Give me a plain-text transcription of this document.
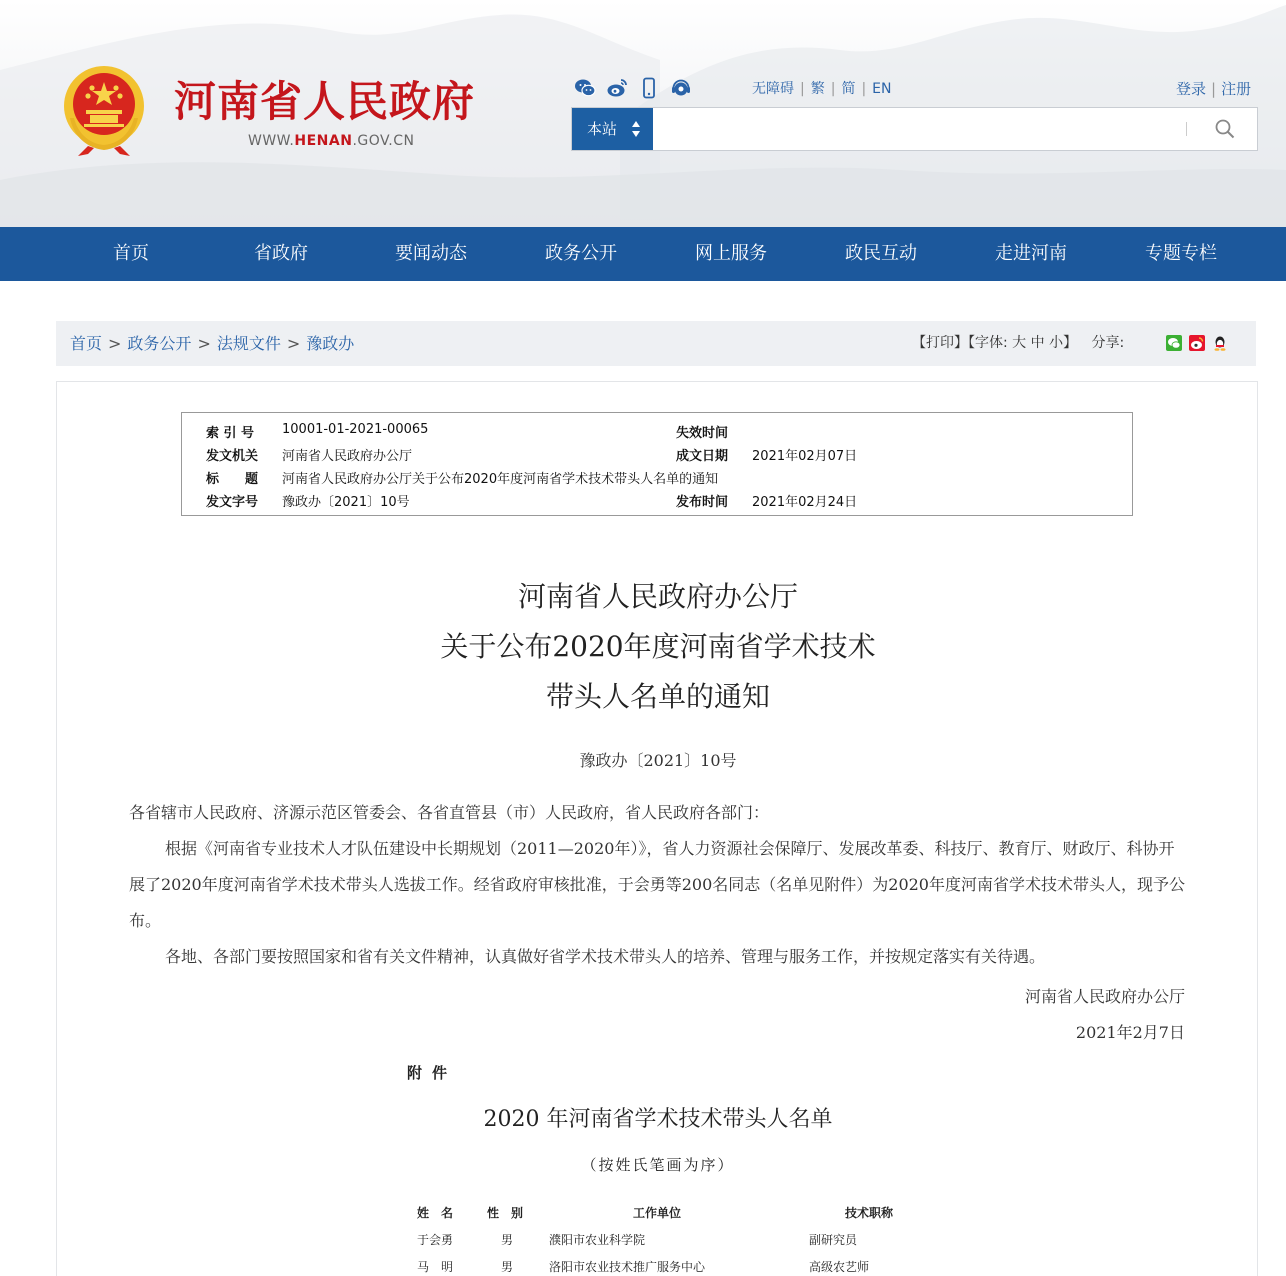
河南省人民政府
WWW.HENAN.GOV.CN
无障碍 | 繁 | 简 | EN	登录 | 注册
本站
首页	省政府	要闻动态	政务公开	网上服务	政民互动	走进河南	专题专栏
首页 > 政务公开 > 法规文件 > 豫政办	【打印】【字体: 大 中 小】 分享:
索 引 号 10001-01-2021-00065	失效时间
发文机关 河南省人民政府办公厅	成文日期 2021年02月07日
标　　题 河南省人民政府办公厅关于公布2020年度河南省学术技术带头人名单的通知
发文字号 豫政办〔2021〕10号	发布时间 2021年02月24日
河南省人民政府办公厅
关于公布2020年度河南省学术技术
带头人名单的通知
豫政办〔2021〕10号
各省辖市人民政府、济源示范区管委会、各省直管县（市）人民政府，省人民政府各部门：
根据《河南省专业技术人才队伍建设中长期规划（2011—2020年）》，省人力资源社会保障厅、发展改革委、科技厅、教育厅、财政厅、科协开展了2020年度河南省学术技术带头人选拔工作。经省政府审核批准，于会勇等200名同志（名单见附件）为2020年度河南省学术技术带头人，现予公布。
各地、各部门要按照国家和省有关文件精神，认真做好省学术技术带头人的培养、管理与服务工作，并按规定落实有关待遇。
河南省人民政府办公厅
2021年2月7日
附件
2020 年河南省学术技术带头人名单
（按姓氏笔画为序）
姓　名	性　别	工作单位	技术职称
于会勇	男	濮阳市农业科学院	副研究员
马　明	男	洛阳市农业技术推广服务中心	高级农艺师
